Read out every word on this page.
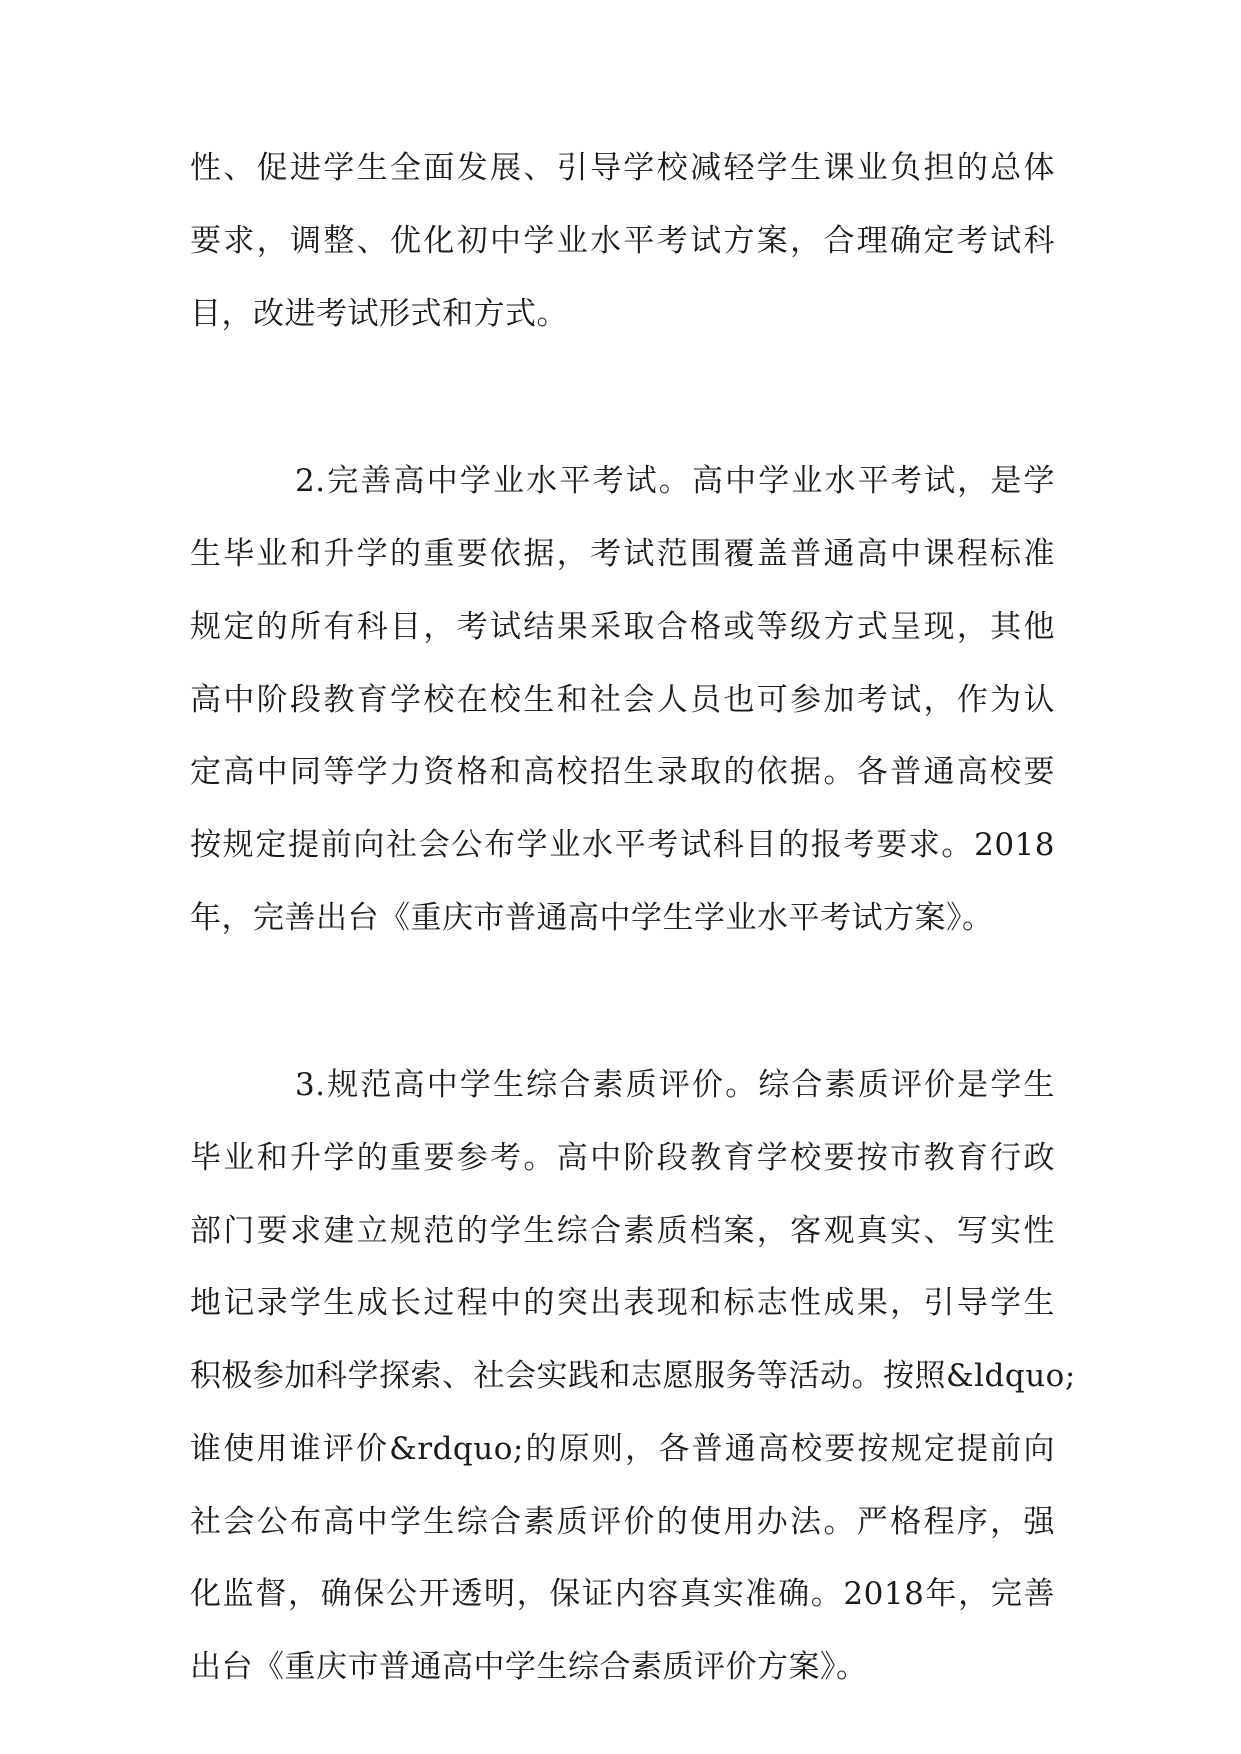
性、促进学生全面发展、引导学校减轻学生课业负担的总体

要求，调整、优化初中学业水平考试方案，合理确定考试科

目，改进考试形式和方式。

2.完善高中学业水平考试。高中学业水平考试，是学

生毕业和升学的重要依据，考试范围覆盖普通高中课程标准

规定的所有科目，考试结果采取合格或等级方式呈现，其他

高中阶段教育学校在校生和社会人员也可参加考试，作为认

定高中同等学力资格和高校招生录取的依据。各普通高校要

按规定提前向社会公布学业水平考试科目的报考要求。2018

年，完善出台《重庆市普通高中学生学业水平考试方案》。

3.规范高中学生综合素质评价。综合素质评价是学生

毕业和升学的重要参考。高中阶段教育学校要按市教育行政

部门要求建立规范的学生综合素质档案，客观真实、写实性

地记录学生成长过程中的突出表现和标志性成果，引导学生

积极参加科学探索、社会实践和志愿服务等活动。按照&ldquo;

谁使用谁评价&rdquo;的原则，各普通高校要按规定提前向

社会公布高中学生综合素质评价的使用办法。严格程序，强

化监督，确保公开透明，保证内容真实准确。2018年，完善

出台《重庆市普通高中学生综合素质评价方案》。
